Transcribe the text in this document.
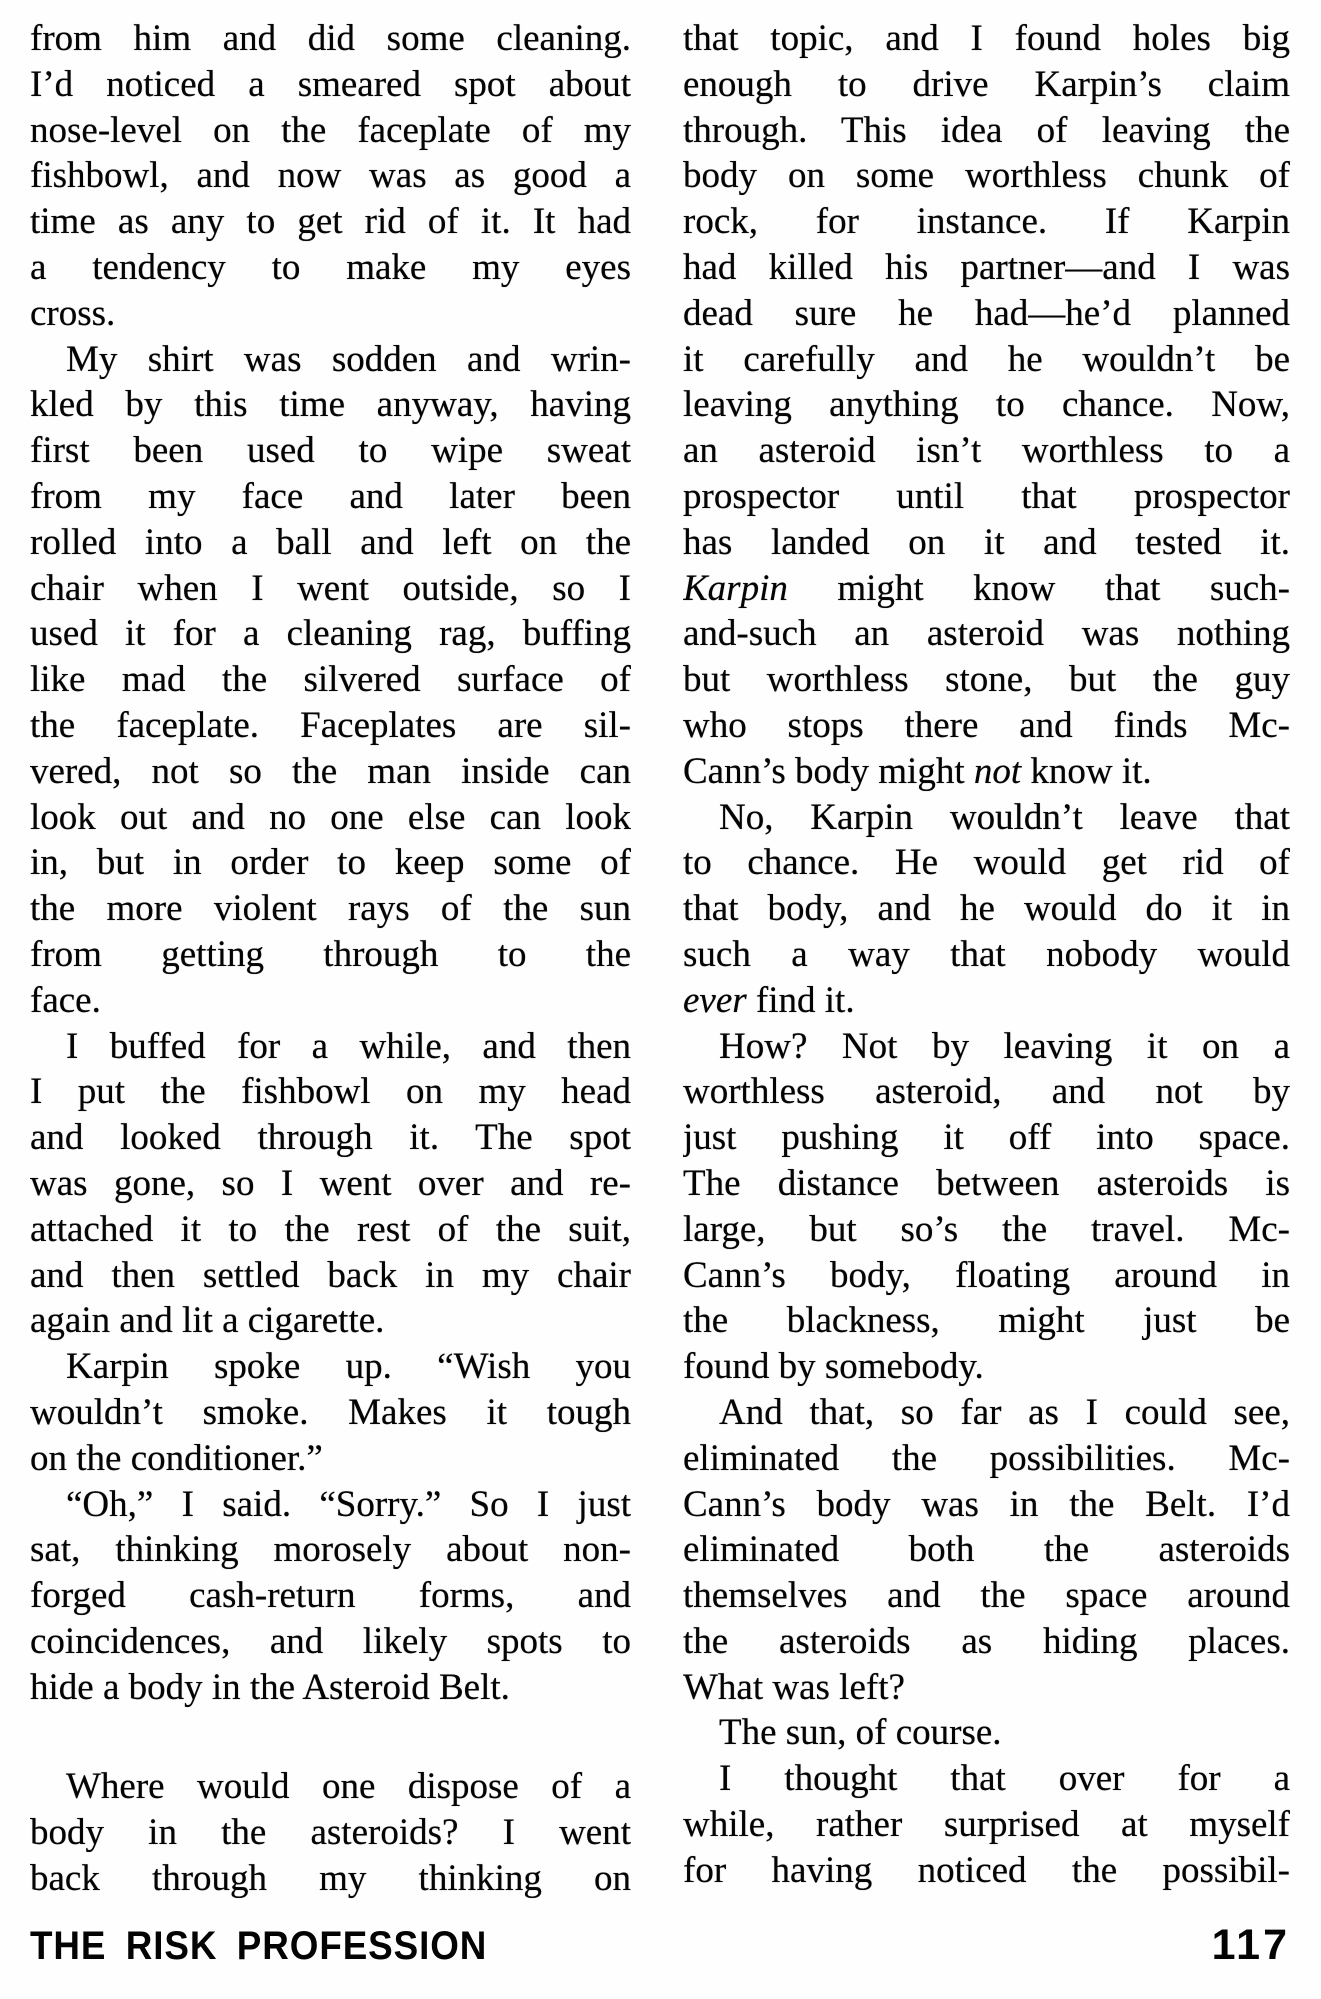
from him and did some cleaning.
I’d noticed a smeared spot about
nose-level on the faceplate of my
fishbowl, and now was as good a
time as any to get rid of it. It had
a tendency to make my eyes
cross.
My shirt was sodden and wrin-
kled by this time anyway, having
first been used to wipe sweat
from my face and later been
rolled into a ball and left on the
chair when I went outside, so I
used it for a cleaning rag, buffing
like mad the silvered surface of
the faceplate. Faceplates are sil-
vered, not so the man inside can
look out and no one else can look
in, but in order to keep some of
the more violent rays of the sun
from getting through to the
face.
I buffed for a while, and then
I put the fishbowl on my head
and looked through it. The spot
was gone, so I went over and re-
attached it to the rest of the suit,
and then settled back in my chair
again and lit a cigarette.
Karpin spoke up. “Wish you
wouldn’t smoke. Makes it tough
on the conditioner.”
“Oh,” I said. “Sorry.” So I just
sat, thinking morosely about non-
forged cash-return forms, and
coincidences, and likely spots to
hide a body in the Asteroid Belt.
Where would one dispose of a
body in the asteroids? I went
back through my thinking on
that topic, and I found holes big
enough to drive Karpin’s claim
through. This idea of leaving the
body on some worthless chunk of
rock, for instance. If Karpin
had killed his partner—and I was
dead sure he had—he’d planned
it carefully and he wouldn’t be
leaving anything to chance. Now,
an asteroid isn’t worthless to a
prospector until that prospector
has landed on it and tested it.
Karpin might know that such-
and-such an asteroid was nothing
but worthless stone, but the guy
who stops there and finds Mc-
Cann’s body might not know it.
No, Karpin wouldn’t leave that
to chance. He would get rid of
that body, and he would do it in
such a way that nobody would
ever find it.
How? Not by leaving it on a
worthless asteroid, and not by
just pushing it off into space.
The distance between asteroids is
large, but so’s the travel. Mc-
Cann’s body, floating around in
the blackness, might just be
found by somebody.
And that, so far as I could see,
eliminated the possibilities. Mc-
Cann’s body was in the Belt. I’d
eliminated both the asteroids
themselves and the space around
the asteroids as hiding places.
What was left?
The sun, of course.
I thought that over for a
while, rather surprised at myself
for having noticed the possibil-
THE RISK PROFESSION	117
